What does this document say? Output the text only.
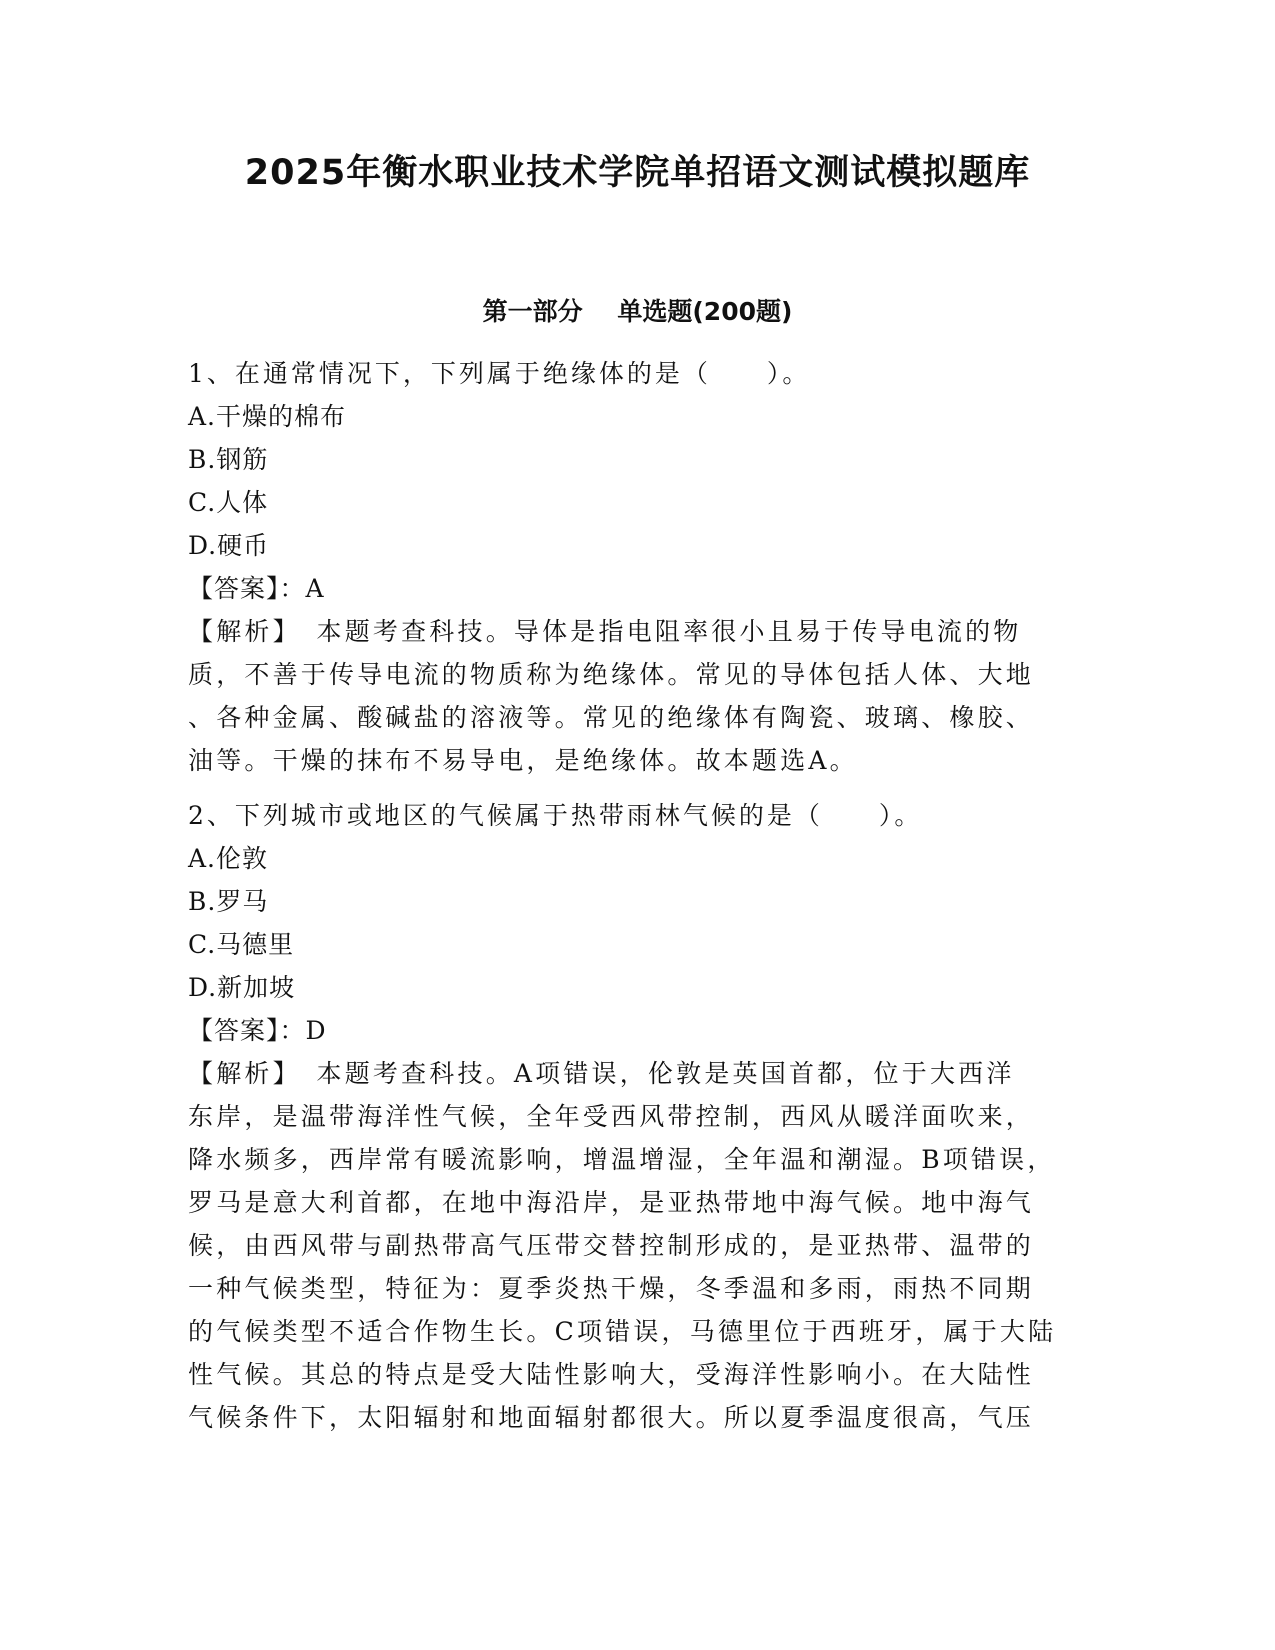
2025年衡水职业技术学院单招语文测试模拟题库
第一部分    单选题(200题)
1、在通常情况下，下列属于绝缘体的是（　　）。
A.干燥的棉布
B.钢筋
C.人体
D.硬币
【答案】：A
【解析】　本题考查科技。导体是指电阻率很小且易于传导电流的物
质，不善于传导电流的物质称为绝缘体。常见的导体包括人体、大地
、各种金属、酸碱盐的溶液等。常见的绝缘体有陶瓷、玻璃、橡胶、
油等。干燥的抹布不易导电，是绝缘体。故本题选A。
2、下列城市或地区的气候属于热带雨林气候的是（　　）。
A.伦敦
B.罗马
C.马德里
D.新加坡
【答案】：D
【解析】　本题考查科技。A项错误，伦敦是英国首都，位于大西洋
东岸，是温带海洋性气候，全年受西风带控制，西风从暖洋面吹来，
降水频多，西岸常有暖流影响，增温增湿，全年温和潮湿。B项错误，
罗马是意大利首都，在地中海沿岸，是亚热带地中海气候。地中海气
候，由西风带与副热带高气压带交替控制形成的，是亚热带、温带的
一种气候类型，特征为：夏季炎热干燥，冬季温和多雨，雨热不同期
的气候类型不适合作物生长。C项错误，马德里位于西班牙，属于大陆
性气候。其总的特点是受大陆性影响大，受海洋性影响小。在大陆性
气候条件下，太阳辐射和地面辐射都很大。所以夏季温度很高，气压
